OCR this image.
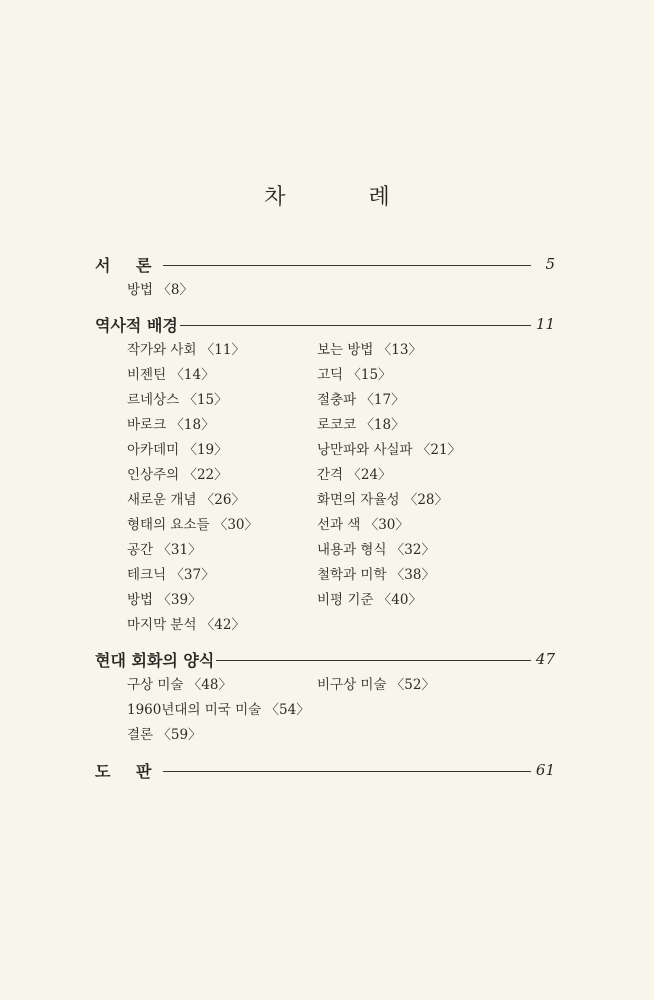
차 례
서 론	5
방법 〈8〉
역사적 배경	11
작가와 사회 〈11〉	보는 방법 〈13〉
비젠틴 〈14〉	고딕 〈15〉
르네상스 〈15〉	절충파 〈17〉
바로크 〈18〉	로코코 〈18〉
아카데미 〈19〉	낭만파와 사실파 〈21〉
인상주의 〈22〉	간격 〈24〉
새로운 개념 〈26〉	화면의 자율성 〈28〉
형태의 요소들 〈30〉	선과 색 〈30〉
공간 〈31〉	내용과 형식 〈32〉
테크닉 〈37〉	철학과 미학 〈38〉
방법 〈39〉	비평 기준 〈40〉
마지막 분석 〈42〉
현대 회화의 양식	47
구상 미술 〈48〉	비구상 미술 〈52〉
1960년대의 미국 미술 〈54〉
결론 〈59〉
도 판	61
